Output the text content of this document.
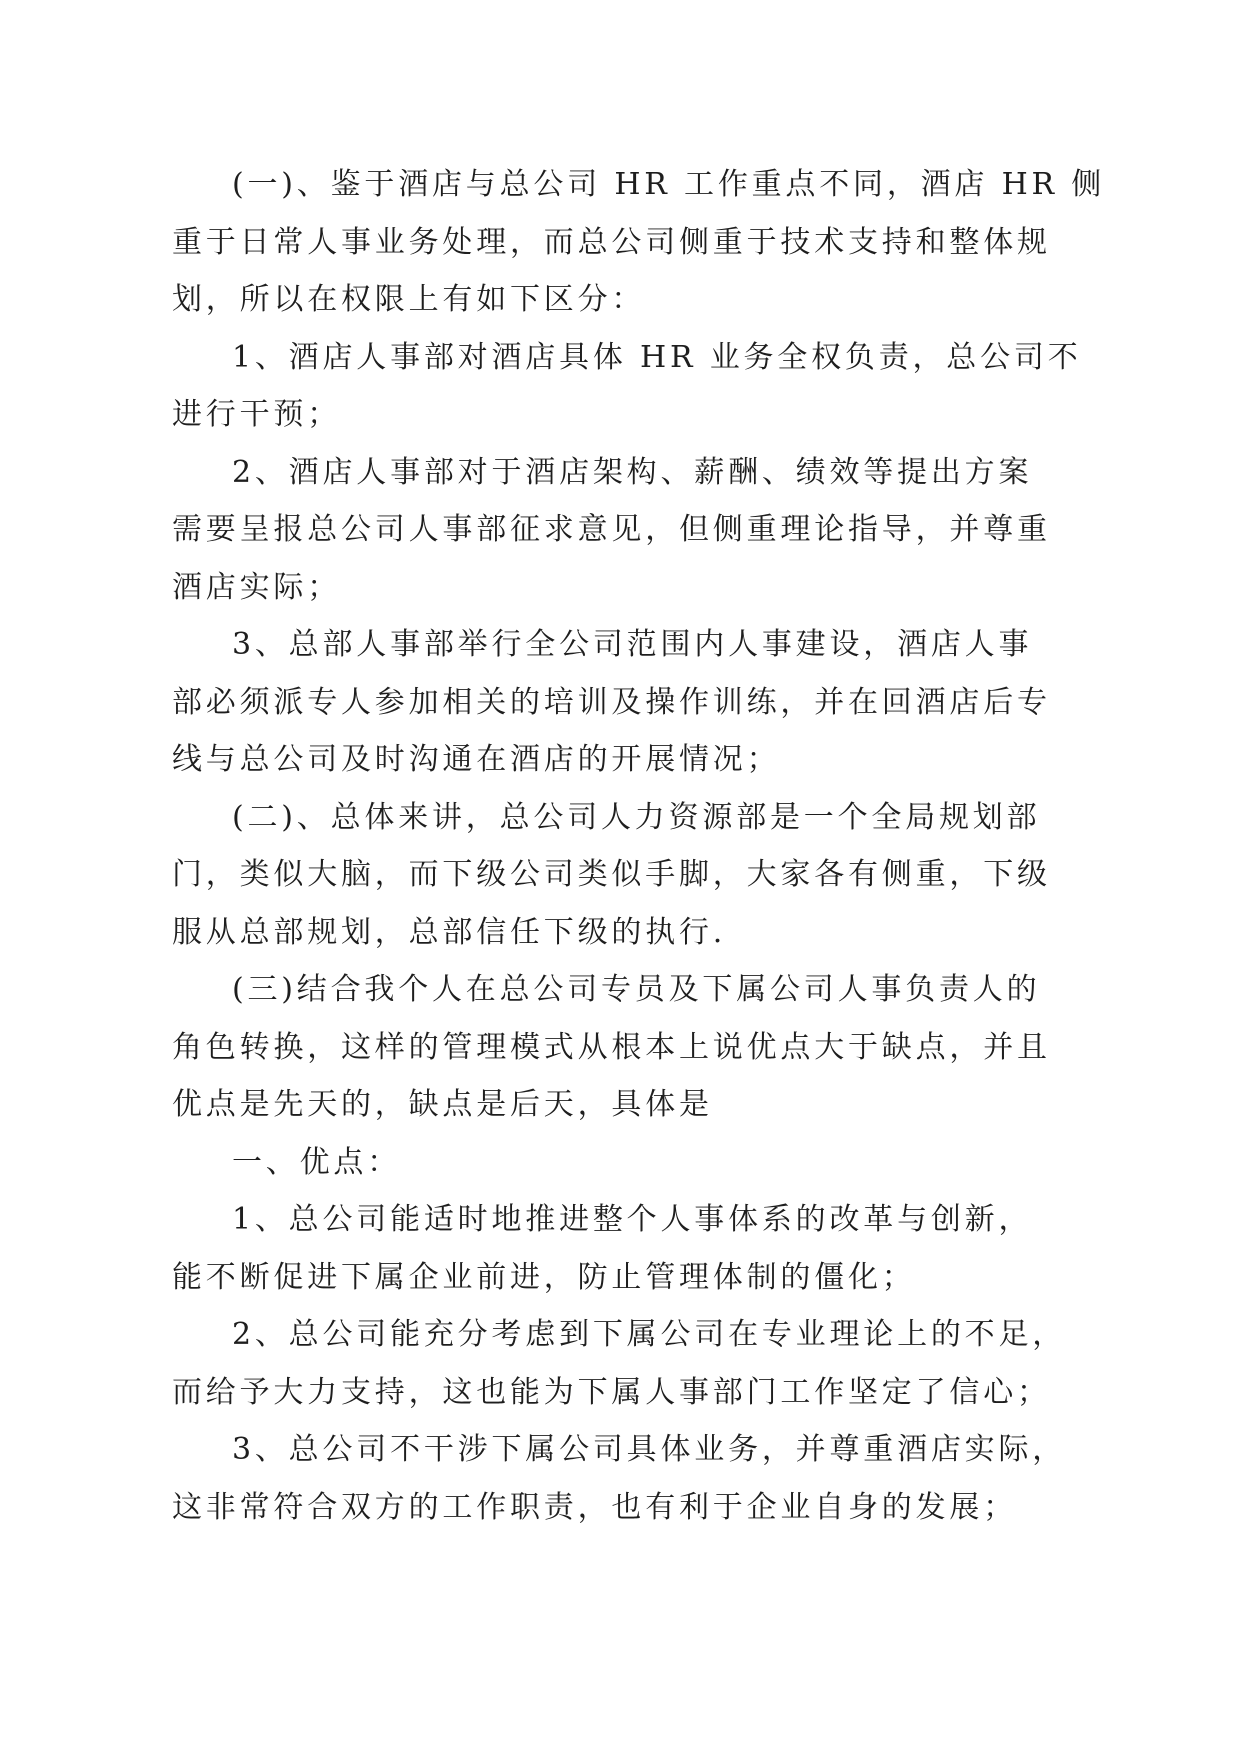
(一)、鉴于酒店与总公司 HR 工作重点不同，酒店 HR 侧
重于日常人事业务处理，而总公司侧重于技术支持和整体规
划，所以在权限上有如下区分：
1、酒店人事部对酒店具体 HR 业务全权负责，总公司不
进行干预；
2、酒店人事部对于酒店架构、薪酬、绩效等提出方案
需要呈报总公司人事部征求意见，但侧重理论指导，并尊重
酒店实际；
3、总部人事部举行全公司范围内人事建设，酒店人事
部必须派专人参加相关的培训及操作训练，并在回酒店后专
线与总公司及时沟通在酒店的开展情况；
(二)、总体来讲，总公司人力资源部是一个全局规划部
门，类似大脑，而下级公司类似手脚，大家各有侧重，下级
服从总部规划，总部信任下级的执行.
(三)结合我个人在总公司专员及下属公司人事负责人的
角色转换，这样的管理模式从根本上说优点大于缺点，并且
优点是先天的，缺点是后天，具体是
一、优点：
1、总公司能适时地推进整个人事体系的改革与创新，
能不断促进下属企业前进，防止管理体制的僵化；
2、总公司能充分考虑到下属公司在专业理论上的不足，
而给予大力支持，这也能为下属人事部门工作坚定了信心；
3、总公司不干涉下属公司具体业务，并尊重酒店实际，
这非常符合双方的工作职责，也有利于企业自身的发展；
